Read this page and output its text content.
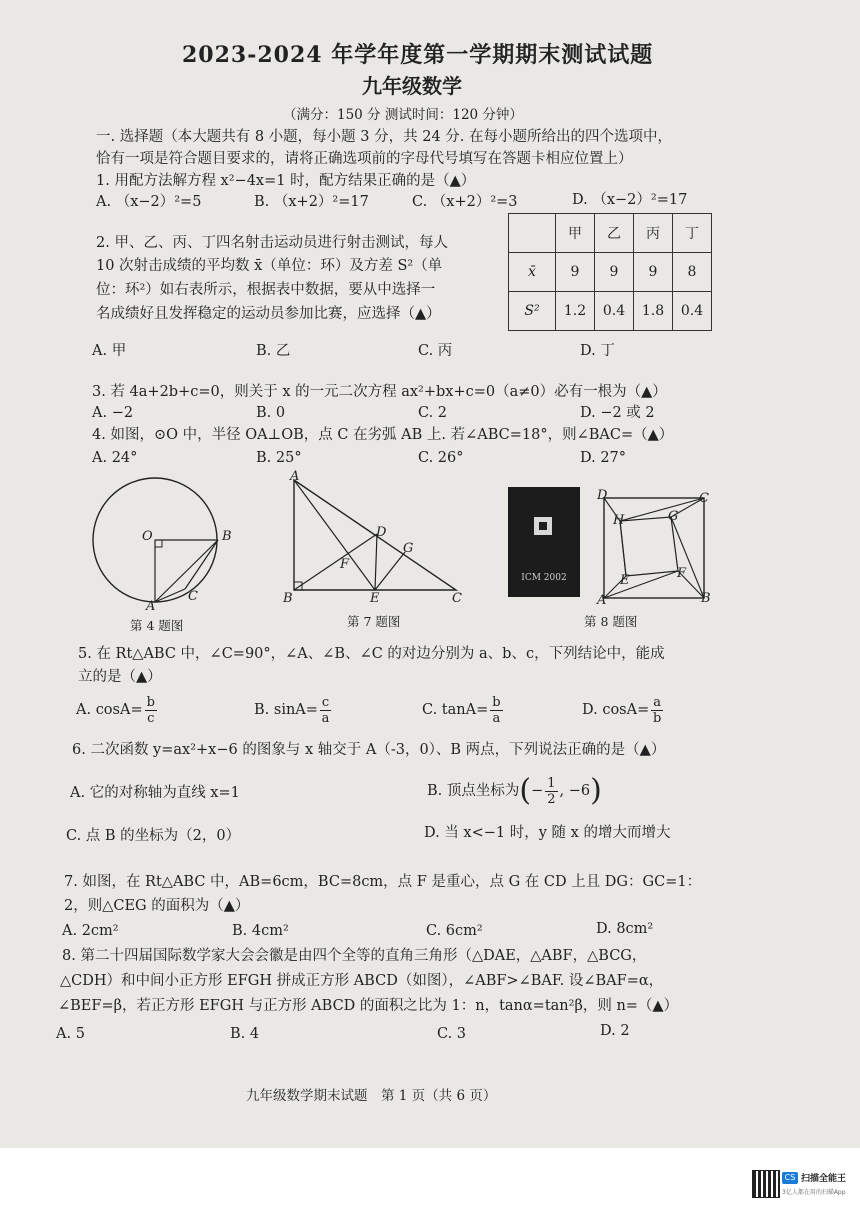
2023-2024 年学年度第一学期期末测试试题
九年级数学
（满分：150 分 测试时间：120 分钟）
一. 选择题（本大题共有 8 小题，每小题 3 分，共 24 分. 在每小题所给出的四个选项中，
恰有一项是符合题目要求的，请将正确选项前的字母代号填写在答题卡相应位置上）
1. 用配方法解方程 x²−4x=1 时，配方结果正确的是（▲）
A. （x−2）²=5	B. （x+2）²=17	C. （x+2）²=3	D. （x−2）²=17
2. 甲、乙、丙、丁四名射击运动员进行射击测试，每人
10 次射击成绩的平均数 x̄（单位：环）及方差 S²（单
位：环²）如右表所示，根据表中数据，要从中选择一
名成绩好且发挥稳定的运动员参加比赛，应选择（▲）
	甲	乙	丙	丁
x̄	9	9	9	8
S²	1.2	0.4	1.8	0.4
A. 甲	B. 乙	C. 丙	D. 丁
3. 若 4a+2b+c=0，则关于 x 的一元二次方程 ax²+bx+c=0（a≠0）必有一根为（▲）
A. −2	B. 0	C. 2	D. −2 或 2
4. 如图，⊙O 中，半径 OA⊥OB，点 C 在劣弧 AB 上. 若∠ABC=18°，则∠BAC=（▲）
A. 24°	B. 25°	C. 26°	D. 27°
O	B
A
C
第 4 题图
A
D
G
F
B	E	C
第 7 题图
ICM 2002
D	C
H	G
E	F
A	B
第 8 题图
5. 在 Rt△ABC 中，∠C=90°，∠A、∠B、∠C 的对边分别为 a、b、c，下列结论中，能成
立的是（▲）
A. $\cos A= \frac{b}{c}$	B. $\sin A= \frac{c}{a}$	C. $\tan A= \frac{b}{a}$	D. $\cos A= \frac{a}{b}$
6. 二次函数 y=ax²+x−6 的图象与 x 轴交于 A（-3，0）、B 两点，下列说法正确的是（▲）
A. 它的对称轴为直线 x=1	B. 顶点坐标为(− $\frac{1}{2}$ , −6)
C. 点 B 的坐标为（2，0）	D. 当 x<−1 时，y 随 x 的增大而增大
7. 如图，在 Rt△ABC 中，AB=6cm，BC=8cm，点 F 是重心，点 G 在 CD 上且 DG：GC=1：
2，则△CEG 的面积为（▲）
A. 2cm²	B. 4cm²	C. 6cm²	D. 8cm²
8. 第二十四届国际数学家大会会徽是由四个全等的直角三角形（△DAE，△ABF，△BCG，
△CDH）和中间小正方形 EFGH 拼成正方形 ABCD（如图），∠ABF>∠BAF. 设∠BAF=α，
∠BEF=β，若正方形 EFGH 与正方形 ABCD 的面积之比为 1：n，tanα=tan²β，则 n=（▲）
A. 5	B. 4	C. 3	D. 2
九年级数学期末试题　第 1 页（共 6 页）
CS 扫描全能王
3亿人都在用的扫描App
